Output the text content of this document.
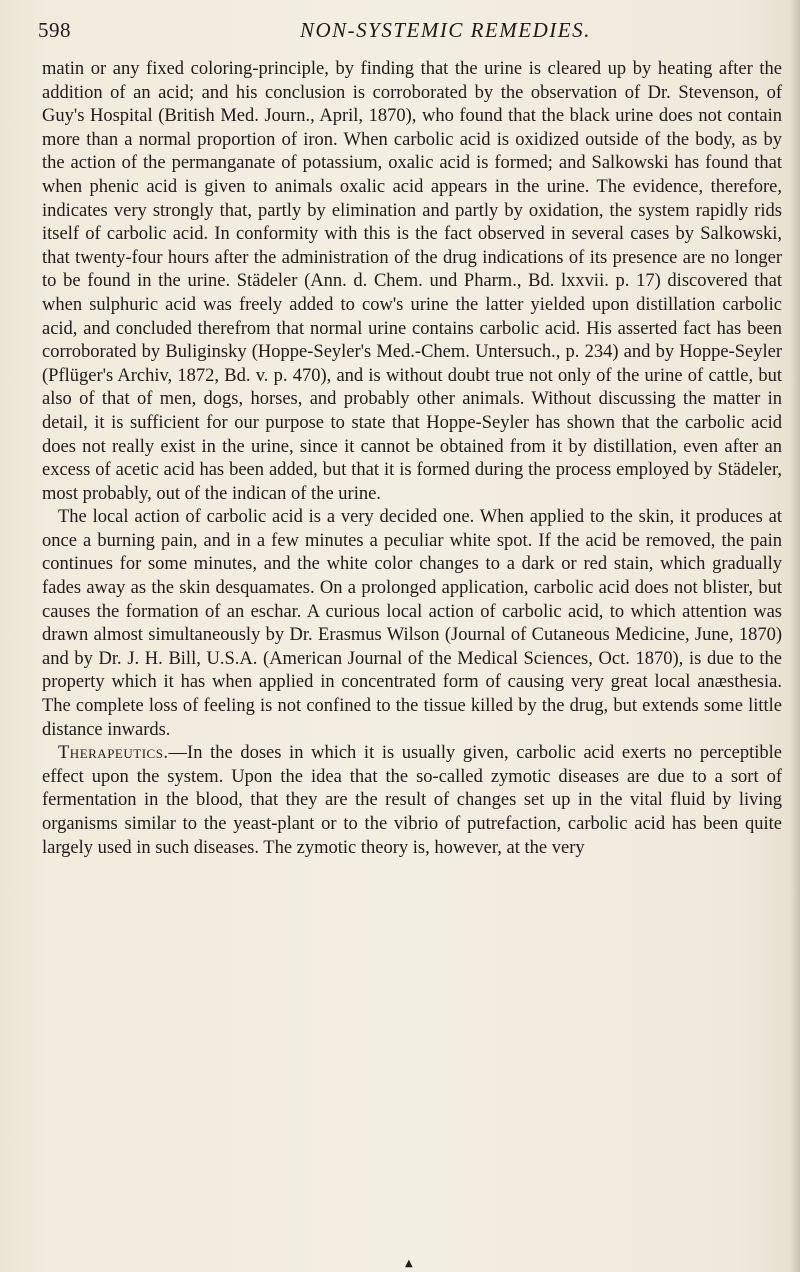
598	NON-SYSTEMIC REMEDIES.

matin or any fixed coloring-principle, by finding that the urine is cleared up by heating after the addition of an acid; and his conclusion is corroborated by the observation of Dr. Stevenson, of Guy's Hospital (British Med. Journ., April, 1870), who found that the black urine does not contain more than a normal proportion of iron. When carbolic acid is oxidized outside of the body, as by the action of the permanganate of potassium, oxalic acid is formed; and Salkowski has found that when phenic acid is given to animals oxalic acid appears in the urine. The evidence, therefore, indicates very strongly that, partly by elimination and partly by oxidation, the system rapidly rids itself of carbolic acid. In conformity with this is the fact observed in several cases by Salkowski, that twenty-four hours after the administration of the drug indications of its presence are no longer to be found in the urine. Städeler (Ann. d. Chem. und Pharm., Bd. lxxvii. p. 17) discovered that when sulphuric acid was freely added to cow's urine the latter yielded upon distillation carbolic acid, and concluded therefrom that normal urine contains carbolic acid. His asserted fact has been corroborated by Buliginsky (Hoppe-Seyler's Med.-Chem. Untersuch., p. 234) and by Hoppe-Seyler (Pflüger's Archiv, 1872, Bd. v. p. 470), and is without doubt true not only of the urine of cattle, but also of that of men, dogs, horses, and probably other animals. Without discussing the matter in detail, it is sufficient for our purpose to state that Hoppe-Seyler has shown that the carbolic acid does not really exist in the urine, since it cannot be obtained from it by distillation, even after an excess of acetic acid has been added, but that it is formed during the process employed by Städeler, most probably, out of the indican of the urine.

The local action of carbolic acid is a very decided one. When applied to the skin, it produces at once a burning pain, and in a few minutes a peculiar white spot. If the acid be removed, the pain continues for some minutes, and the white color changes to a dark or red stain, which gradually fades away as the skin desquamates. On a prolonged application, carbolic acid does not blister, but causes the formation of an eschar. A curious local action of carbolic acid, to which attention was drawn almost simultaneously by Dr. Erasmus Wilson (Journal of Cutaneous Medicine, June, 1870) and by Dr. J. H. Bill, U.S.A. (American Journal of the Medical Sciences, Oct. 1870), is due to the property which it has when applied in concentrated form of causing very great local anæsthesia. The complete loss of feeling is not confined to the tissue killed by the drug, but extends some little distance inwards.

Therapeutics.—In the doses in which it is usually given, carbolic acid exerts no perceptible effect upon the system. Upon the idea that the so-called zymotic diseases are due to a sort of fermentation in the blood, that they are the result of changes set up in the vital fluid by living organisms similar to the yeast-plant or to the vibrio of putrefaction, carbolic acid has been quite largely used in such diseases. The zymotic theory is, however, at the very

▲
